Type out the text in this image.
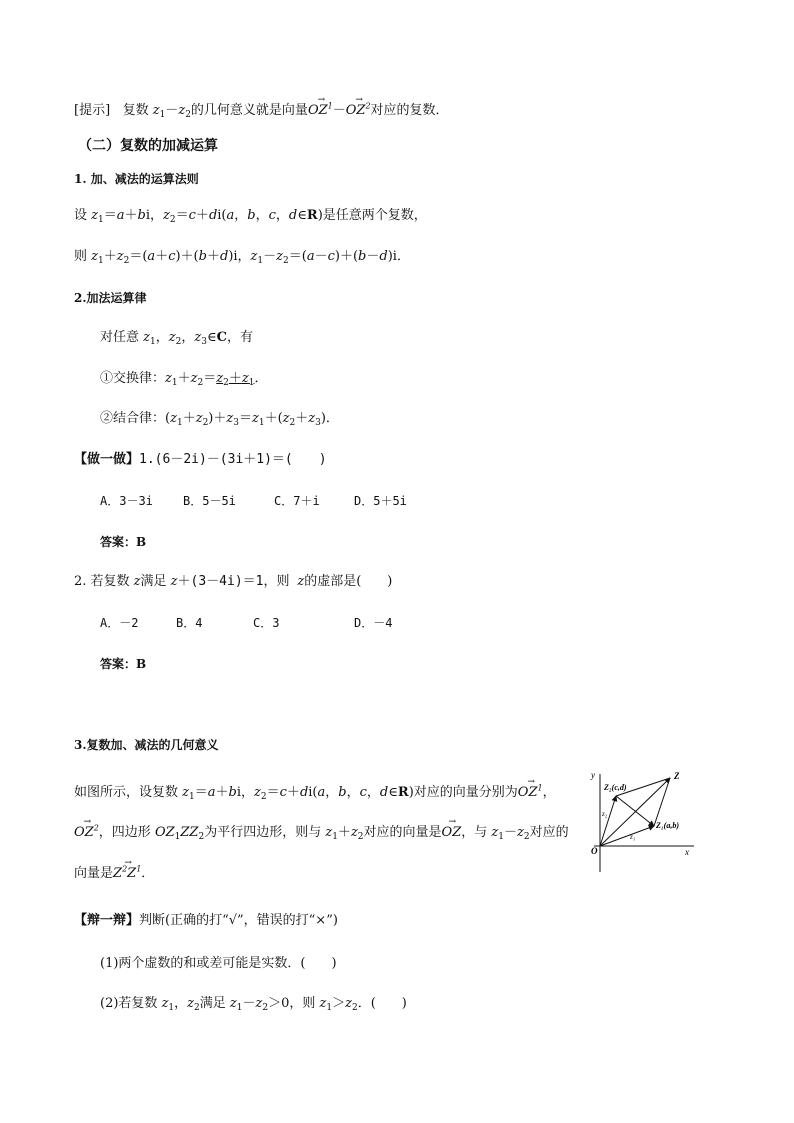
[提示] 复数 $z_1-z_2$的几何意义就是向量→ $OZ^1-\to OZ^2$对应的复数．
（二）复数的加减运算
1. 加、减法的运算法则
设 $z_1=a+bi$，$z_2=c+di(a$，b，c，d∈R)是任意两个复数，
则 $z_1+z_2=(a+c)+(b+d)i$，$z_1-z_2=(a-c)+(b-d)i$．
2.加法运算律
对任意 $z_1$，$z_2$，$z_3\in C$，有
①交换律：$z_1+z_2=z_2+z_1$．
②结合律：$(z_1+z_2)+z_3=z_1+(z_2+z_3)$．
【做一做】1.(6－2i)－(3i＋1)＝(　　)
A．3－3i	B．5－5i	C．7＋i	D．5＋5i
答案：B
2. 若复数 z满足 z＋(3－4i)＝1，则 z的虚部是(　　)
A．－2	B．4	C．3	D．－4
答案：B
3.复数加、减法的几何意义
如图所示，设复数 $z_1=a+bi$，$z_2=c+di(a$，b，c，d∈R)对应的向量分别为→ $OZ^1$，
→ $OZ^2$，四边形 $OZ_1ZZ_2$为平行四边形，则与 $z_1+z_2$对应的向量是→ OZ，与 $z_1-z_2$对应的
向量是→ $Z^2Z^1$．
y
x
O
Z
Z₁(a,b)
Z₂(c,d)
z₁
z₂
【辩一辩】判断(正确的打“√”，错误的打“×”)
(1)两个虚数的和或差可能是实数．(　　)
(2)若复数 $z_1$，$z_2$满足 $z_1-z_2>0$，则 $z_1>z_2$．(　　)
